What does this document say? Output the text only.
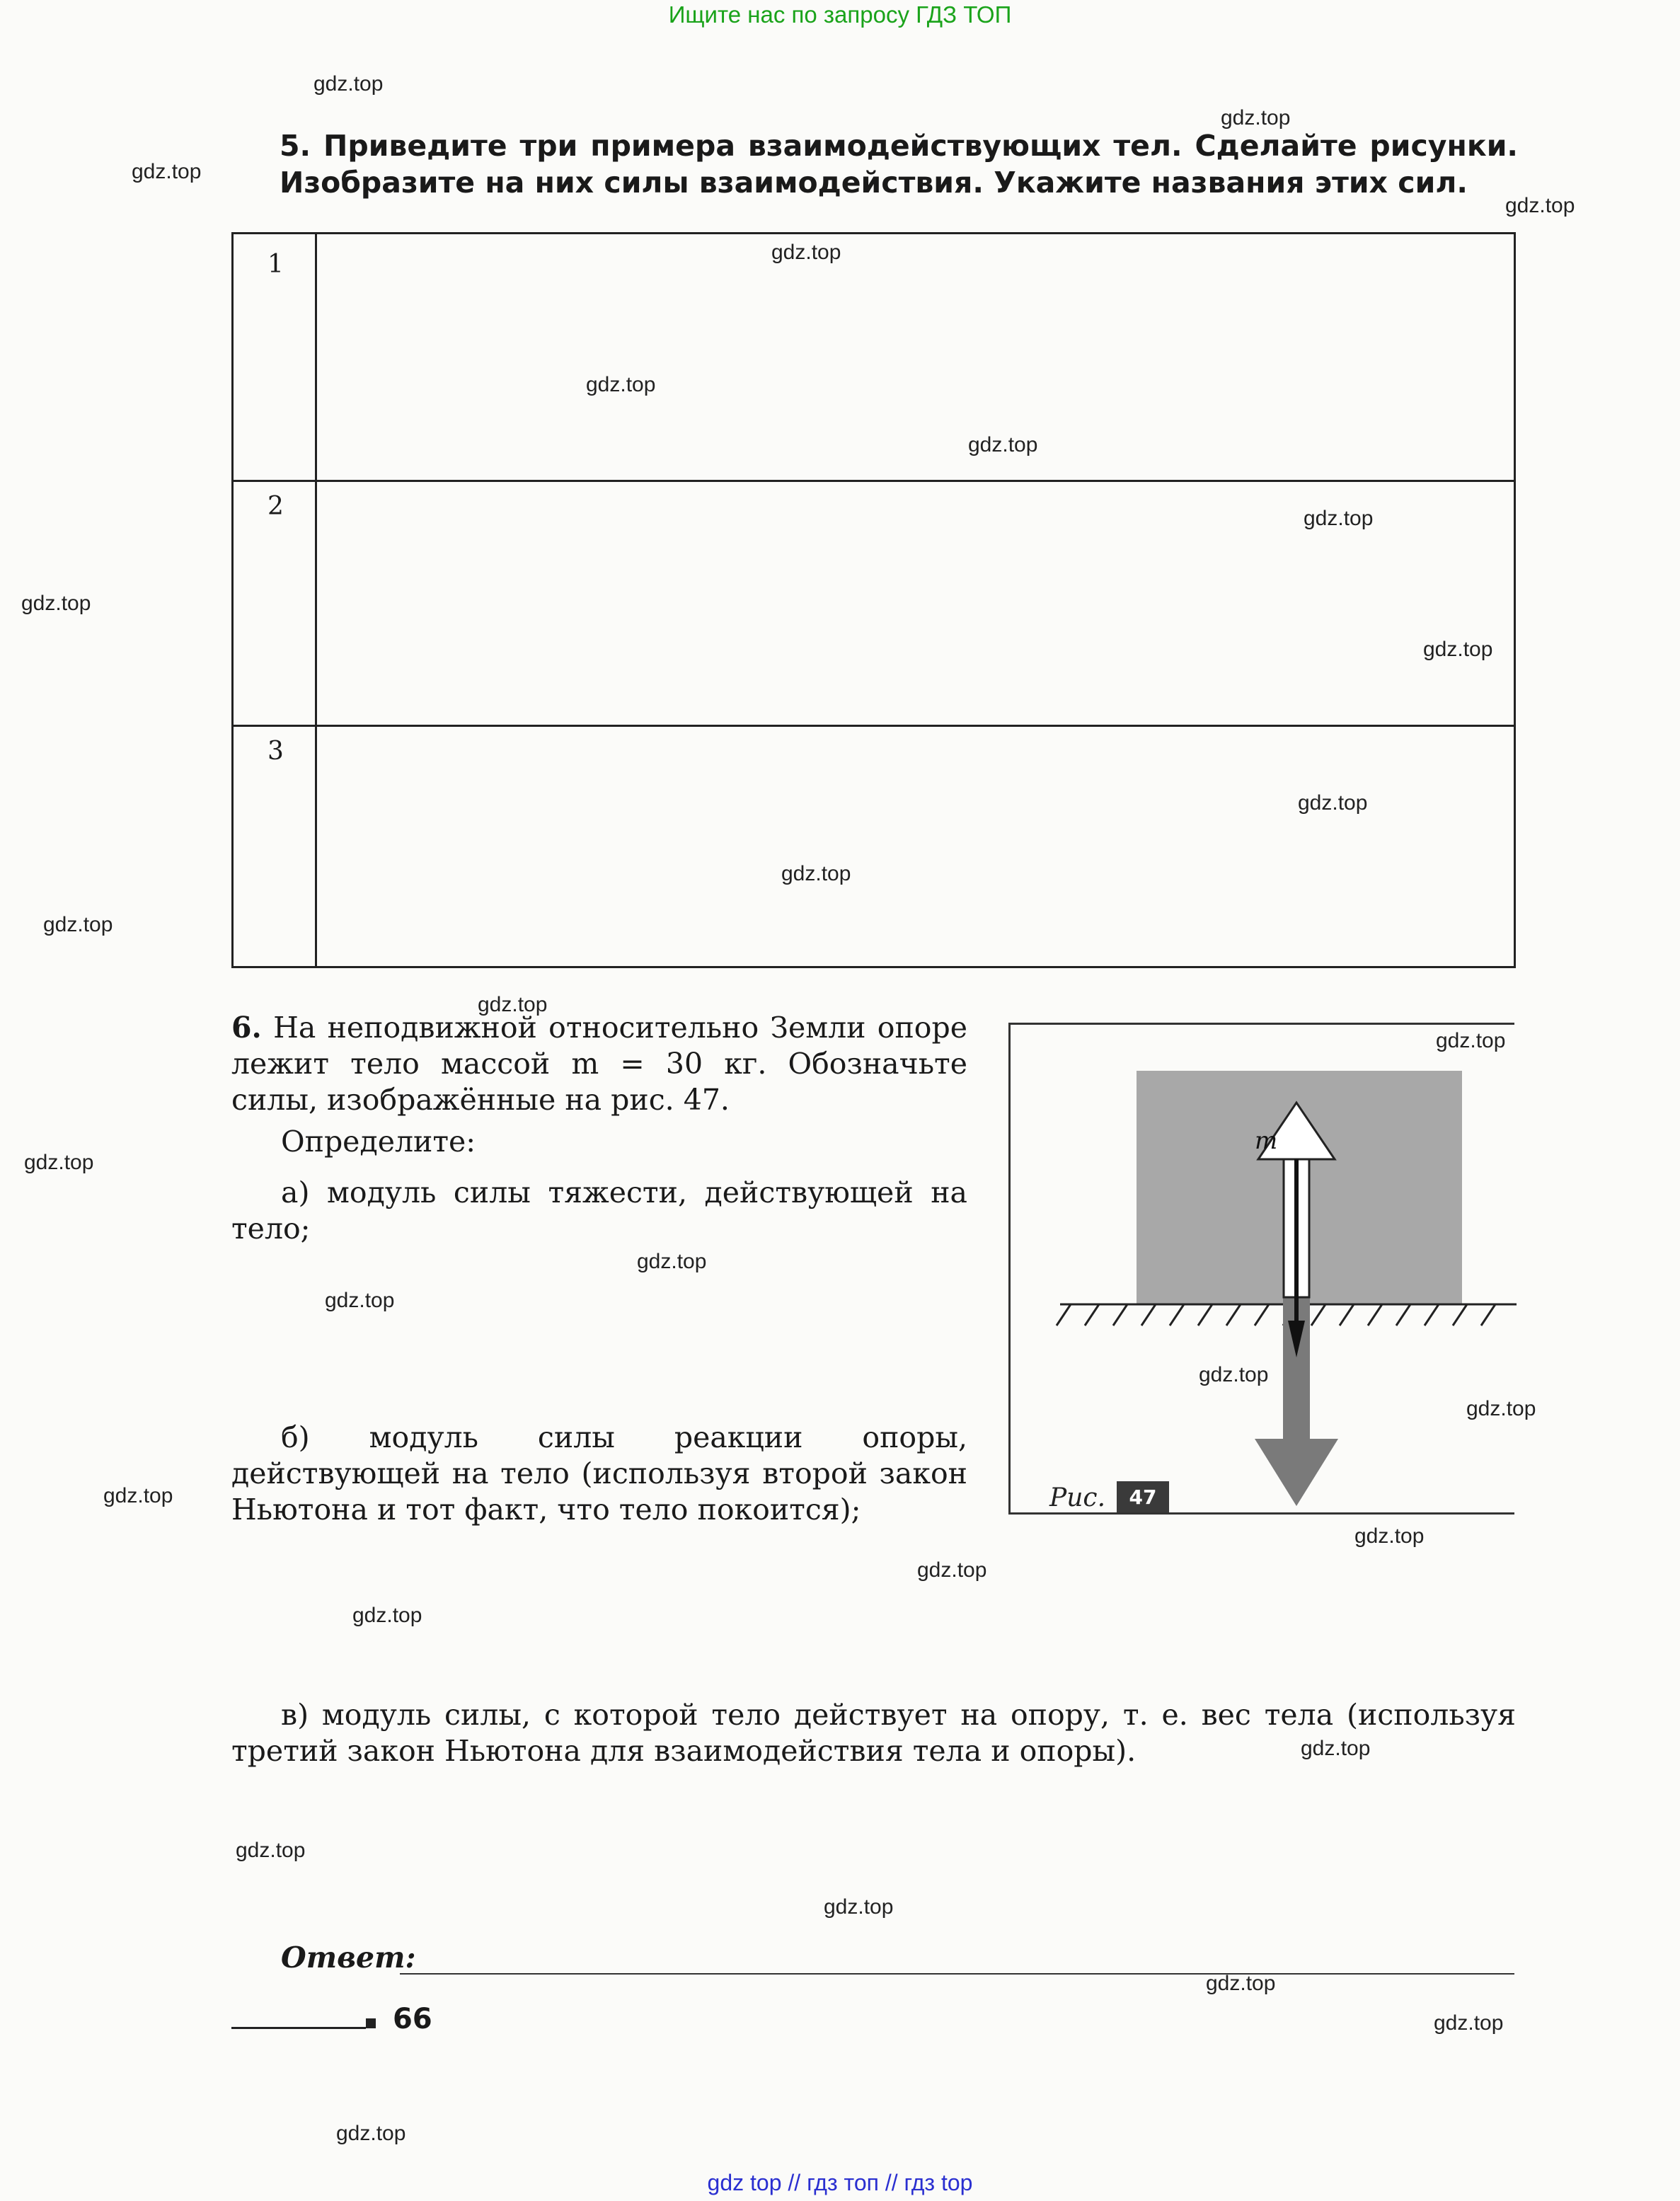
Ищите нас по запросу ГДЗ ТОП
5. Приведите три примера взаимодействующих тел. Сделайте рисунки. Изобразите на них силы взаимодействия. Укажите названия этих сил.
1
2
3
6. На неподвижной относительно Земли опоре лежит тело массой m = 30 кг. Обозначьте силы, изображённые на рис. 47.
Определите:
а) модуль силы тяжести, действующей на тело;
б) модуль силы реакции опоры, действующей на тело (используя второй закон Ньютона и тот факт, что тело покоится);
в) модуль силы, с которой тело действует на опору, т. е. вес тела (используя третий закон Ньютона для взаимодействия тела и опоры).
m
Рис. 47
Ответ:
66
gdz.top
gdz.top
gdz.top
gdz.top
gdz.top
gdz.top
gdz.top
gdz.top
gdz.top
gdz.top
gdz.top
gdz.top
gdz.top
gdz.top
gdz.top
gdz.top
gdz.top
gdz.top
gdz.top
gdz.top
gdz.top
gdz.top
gdz.top
gdz.top
gdz.top
gdz.top
gdz.top
gdz.top
gdz.top
gdz.top
gdz top // гдз топ // гдз top
